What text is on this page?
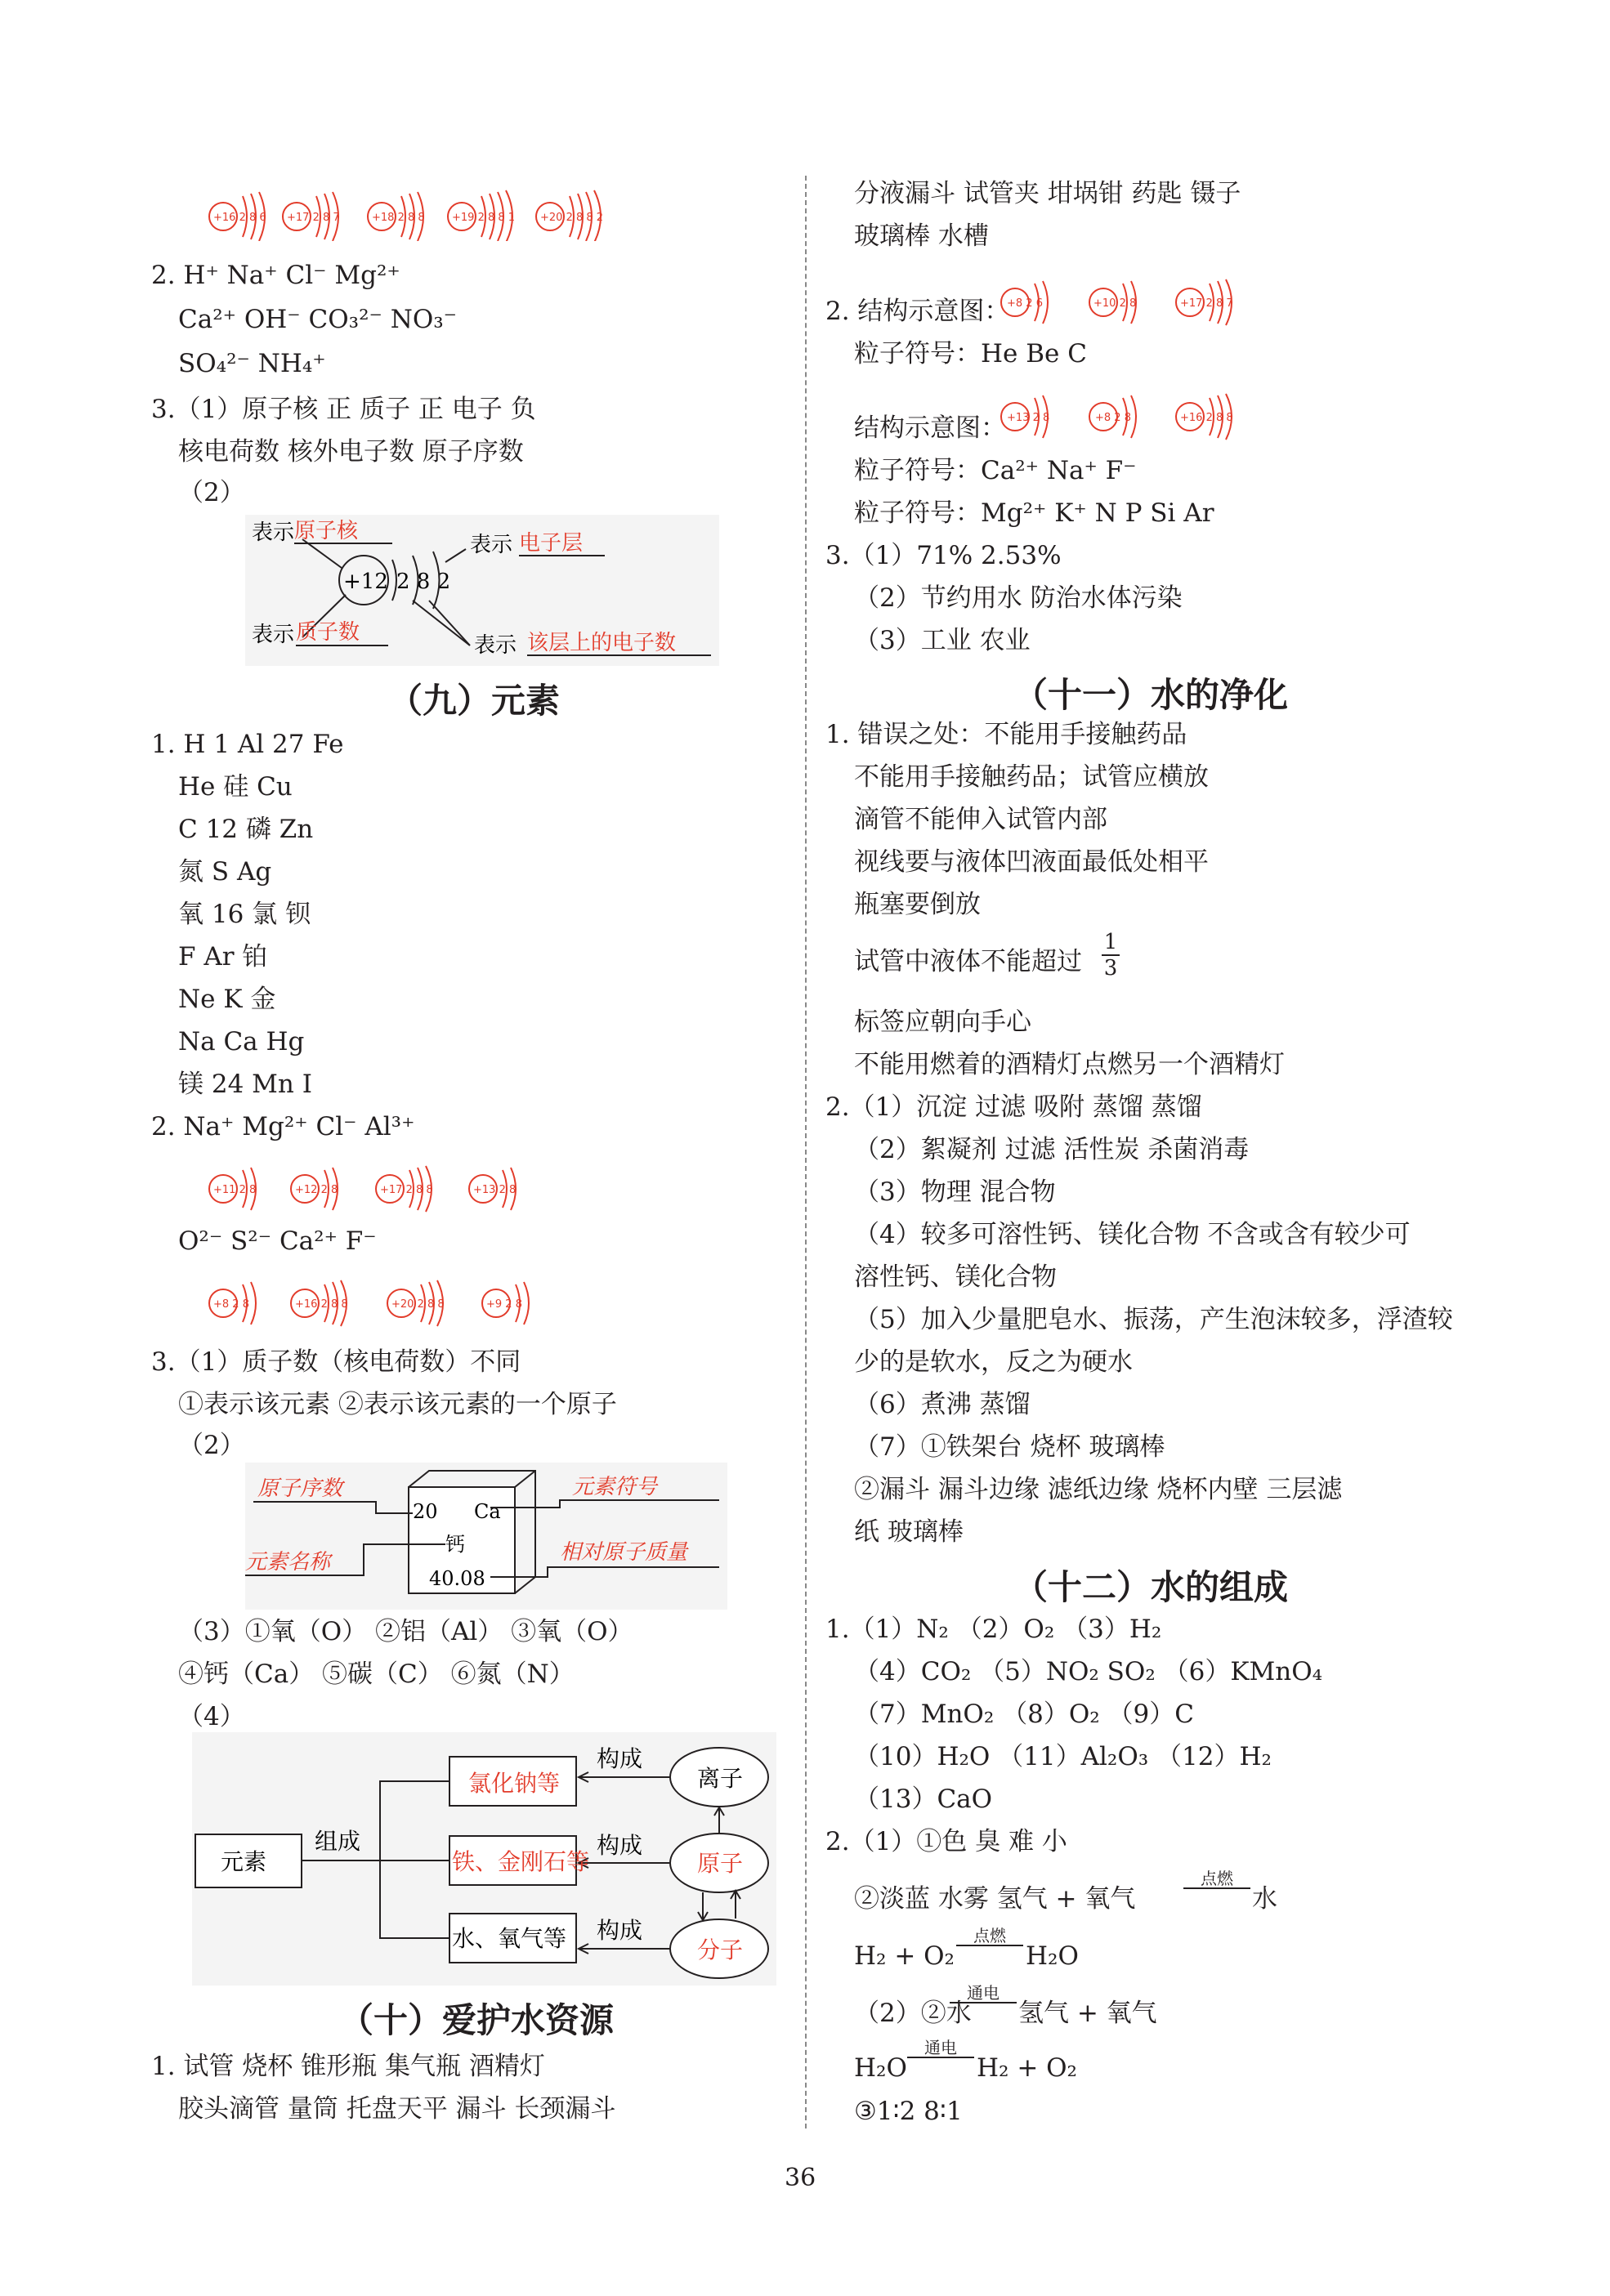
+16 2 8 6 +17 2 8 7	+18 2 8 8	+19 2 8 8 1 +20 2 8 8 2
2. H⁺ Na⁺ Cl⁻ Mg²⁺
Ca²⁺ OH⁻ CO₃²⁻ NO₃⁻
SO₄²⁻ NH₄⁺
3.（1）原子核 正 质子 正 电子 负
核电荷数 核外电子数 原子序数
（2）
+12 2 8 2
表示 原子核
表示 电子层
表示 质子数
表示 该层上的电子数
（九）元素
1. H 1 Al 27 Fe
He 硅 Cu
C 12 磷 Zn
氮 S Ag
氧 16 氯 钡
F Ar 铂
Ne K 金
Na Ca Hg
镁 24 Mn I
2. Na⁺ Mg²⁺ Cl⁻ Al³⁺
+11 2 8	+12 2 8	+17 2 8 8	+13 2 8
O²⁻ S²⁻ Ca²⁺ F⁻
+8 2 8	+16 2 8 8	+20 2 8 8	+9 2 8
3.（1）质子数（核电荷数）不同
①表示该元素 ②表示该元素的一个原子
（2）
20 Ca
钙
40.08
原子序数	元素符号
元素名称	相对原子质量
（3）①氧（O） ②铝（Al） ③氧（O）
④钙（Ca） ⑤碳（C） ⑥氮（N）
（4）
元素
组成
构成
构成
构成
氯化钠等
铁、金刚石等
水、氧气等
离子
原子
分子
（十）爱护水资源
1. 试管 烧杯 锥形瓶 集气瓶 酒精灯
胶头滴管 量筒 托盘天平 漏斗 长颈漏斗
分液漏斗 试管夹 坩埚钳 药匙 镊子
玻璃棒 水槽
2. 结构示意图：
+8 2 6	+10 2 8	+17 2 8 7
粒子符号：He Be C
结构示意图： +13 2 8	+8 2 8	+16 2 8 8
粒子符号：Ca²⁺ Na⁺ F⁻
粒子符号：Mg²⁺ K⁺ N P Si Ar
3.（1）71% 2.53%
（2）节约用水 防治水体污染
（3）工业 农业
（十一）水的净化
1. 错误之处：不能用手接触药品
不能用手接触药品；试管应横放
滴管不能伸入试管内部
视线要与液体凹液面最低处相平
瓶塞要倒放
试管中液体不能超过 $\frac{1}{3}$
标签应朝向手心
不能用燃着的酒精灯点燃另一个酒精灯
2.（1）沉淀 过滤 吸附 蒸馏 蒸馏
（2）絮凝剂 过滤 活性炭 杀菌消毒
（3）物理 混合物
（4）较多可溶性钙、镁化合物 不含或含有较少可
溶性钙、镁化合物
（5）加入少量肥皂水、振荡，产生泡沫较多，浮渣较
少的是软水，反之为硬水
（6）煮沸 蒸馏
（7）①铁架台 烧杯 玻璃棒
②漏斗 漏斗边缘 滤纸边缘 烧杯内壁 三层滤
纸 玻璃棒
（十二）水的组成
1.（1）N₂ （2）O₂ （3）H₂
（4）CO₂ （5）NO₂ SO₂ （6）KMnO₄
（7）MnO₂ （8）O₂ （9）C
（10）H₂O （11）Al₂O₃ （12）H₂
（13）CaO
2.（1）①色 臭 难 小
②淡蓝 水雾 氢气 + 氧气
点燃
水
H₂ + O₂
点燃
H₂O
（2）②水
通电
氢气 + 氧气
H₂O
通电
H₂ + O₂
③1∶2 8∶1
36
